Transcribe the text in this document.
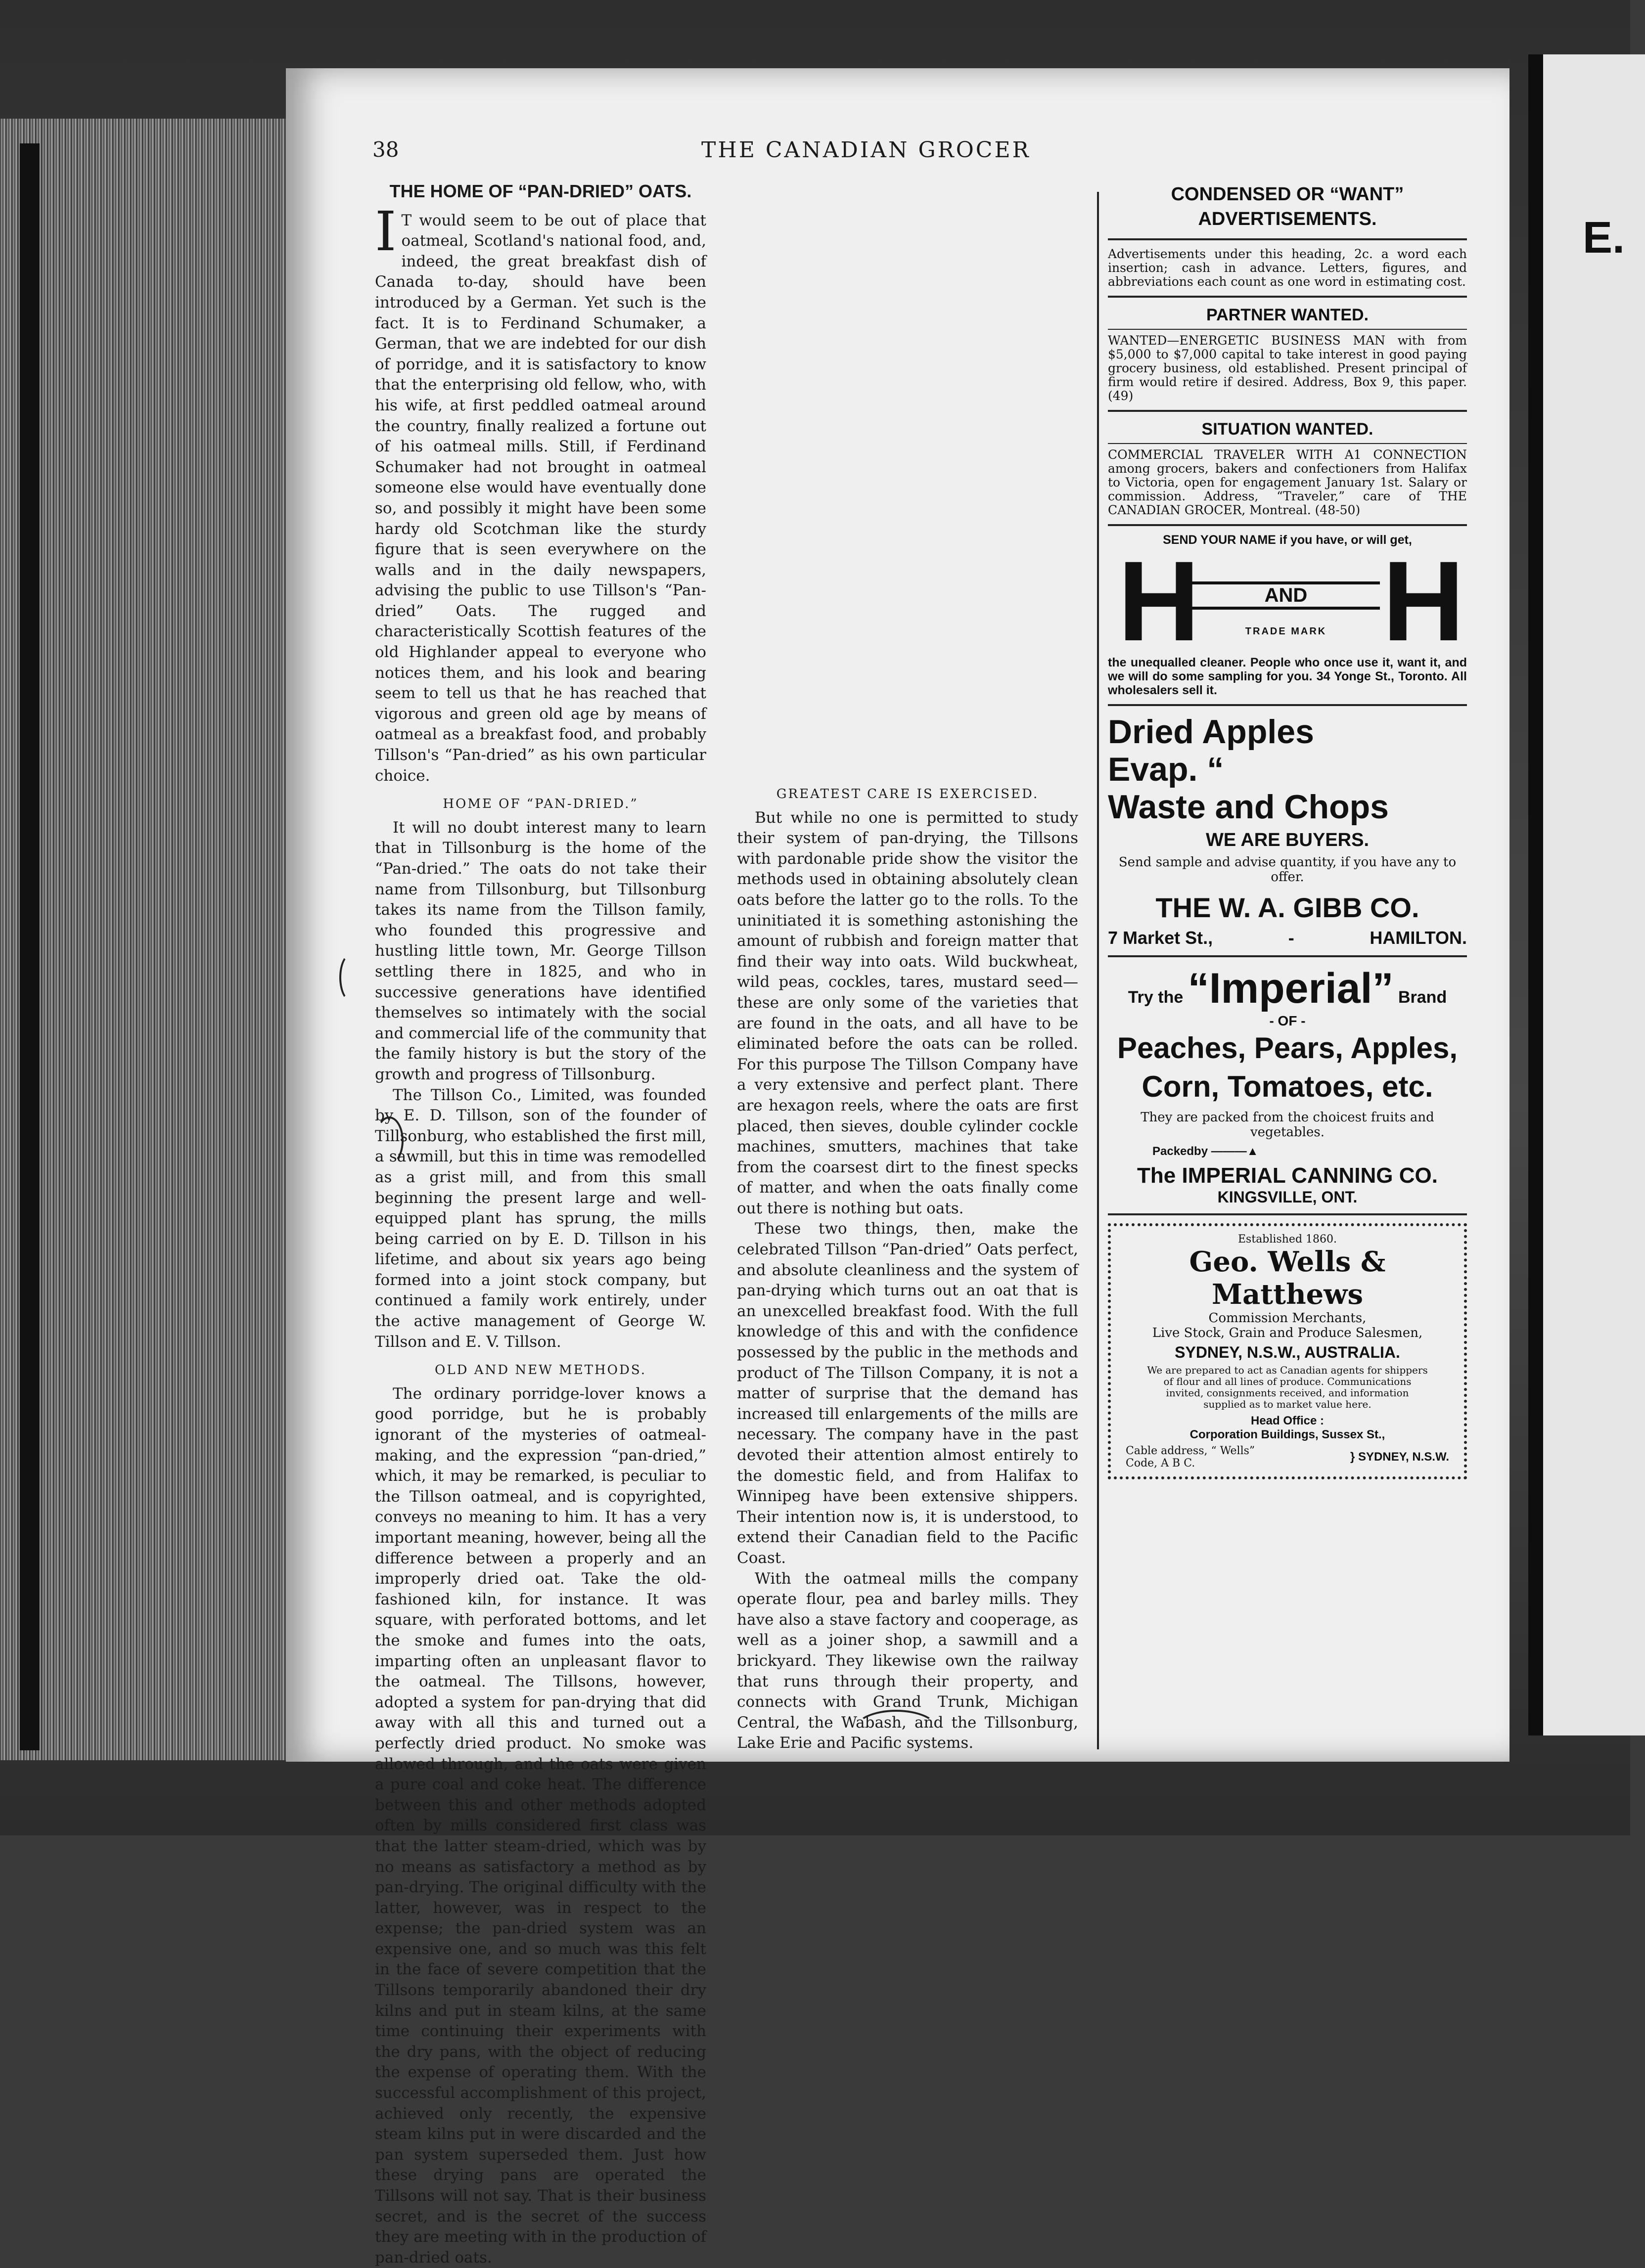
E.
38	THE CANADIAN GROCER
THE HOME OF “PAN-DRIED” OATS.

IT would seem to be out of place that oatmeal, Scotland's national food, and, indeed, the great breakfast dish of Canada to-day, should have been introduced by a German. Yet such is the fact. It is to Ferdinand Schumaker, a German, that we are indebted for our dish of porridge, and it is satisfactory to know that the enterprising old fellow, who, with his wife, at first peddled oatmeal around the country, finally realized a fortune out of his oatmeal mills. Still, if Ferdinand Schumaker had not brought in oatmeal someone else would have eventually done so, and possibly it might have been some hardy old Scotchman like the sturdy figure that is seen everywhere on the walls and in the daily newspapers, advising the public to use Tillson's “Pan-dried” Oats. The rugged and characteristically Scottish features of the old Highlander appeal to everyone who notices them, and his look and bearing seem to tell us that he has reached that vigorous and green old age by means of oatmeal as a breakfast food, and probably Tillson's “Pan-dried” as his own particular choice.

HOME OF “PAN-DRIED.”

It will no doubt interest many to learn that in Tillsonburg is the home of the “Pan-dried.” The oats do not take their name from Tillsonburg, but Tillsonburg takes its name from the Tillson family, who founded this progressive and hustling little town, Mr. George Tillson settling there in 1825, and who in successive generations have identified themselves so intimately with the social and commercial life of the community that the family history is but the story of the growth and progress of Tillsonburg.

The Tillson Co., Limited, was founded by E. D. Tillson, son of the founder of Tillsonburg, who established the first mill, a sawmill, but this in time was remodelled as a grist mill, and from this small beginning the present large and well-equipped plant has sprung, the mills being carried on by E. D. Tillson in his lifetime, and about six years ago being formed into a joint stock company, but continued a family work entirely, under the active management of George W. Tillson and E. V. Tillson.

OLD AND NEW METHODS.

The ordinary porridge-lover knows a good porridge, but he is probably ignorant of the mysteries of oatmeal-making, and the expression “pan-dried,” which, it may be remarked, is peculiar to the Tillson oatmeal, and is copyrighted, conveys no meaning to him. It has a very important meaning, however, being all the difference between a properly and an improperly dried oat. Take the old-fashioned kiln, for instance. It was square, with perforated bottoms, and let the smoke and fumes into the oats, imparting often an unpleasant flavor to the oatmeal. The Tillsons, however, adopted a system for pan-drying that did away with all this and turned out a perfectly dried product. No smoke was allowed through, and the oats were given a pure coal and coke heat. The difference between this and other methods adopted often by mills considered first class was that the latter steam-dried, which was by no means as satisfactory a method as by pan-drying. The original difficulty with the latter, however, was in respect to the expense; the pan-dried system was an expensive one, and so much was this felt in the face of severe competition that the Tillsons temporarily abandoned their dry kilns and put in steam kilns, at the same time continuing their experiments with the dry pans, with the object of reducing the expense of operating them. With the successful accomplishment of this project, achieved only recently, the expensive steam kilns put in were discarded and the pan system superseded them. Just how these drying pans are operated the Tillsons will not say. That is their business secret, and is the secret of the success they are meeting with in the production of pan-dried oats.

GREATEST CARE IS EXERCISED.

But while no one is permitted to study their system of pan-drying, the Tillsons with pardonable pride show the visitor the methods used in obtaining absolutely clean oats before the latter go to the rolls. To the uninitiated it is something astonishing the amount of rubbish and foreign matter that find their way into oats. Wild buckwheat, wild peas, cockles, tares, mustard seed—these are only some of the varieties that are found in the oats, and all have to be eliminated before the oats can be rolled. For this purpose The Tillson Company have a very extensive and perfect plant. There are hexagon reels, where the oats are first placed, then sieves, double cylinder cockle machines, smutters, machines that take from the coarsest dirt to the finest specks of matter, and when the oats finally come out there is nothing but oats.

These two things, then, make the celebrated Tillson “Pan-dried” Oats perfect, and absolute cleanliness and the system of pan-drying which turns out an oat that is an unexcelled breakfast food. With the full knowledge of this and with the confidence possessed by the public in the methods and product of The Tillson Company, it is not a matter of surprise that the demand has increased till enlargements of the mills are necessary. The company have in the past devoted their attention almost entirely to the domestic field, and from Halifax to Winnipeg have been extensive shippers. Their intention now is, it is understood, to extend their Canadian field to the Pacific Coast.

With the oatmeal mills the company operate flour, pea and barley mills. They have also a stave factory and cooperage, as well as a joiner shop, a sawmill and a brickyard. They likewise own the railway that runs through their property, and connects with Grand Trunk, Michigan Central, the Wabash, and the Tillsonburg, Lake Erie and Pacific systems.

CONDENSED OR “WANT” ADVERTISEMENTS.
Advertisements under this heading, 2c. a word each insertion; cash in advance. Letters, figures, and abbreviations each count as one word in estimating cost.
PARTNER WANTED.
WANTED—ENERGETIC BUSINESS MAN with from $5,000 to $7,000 capital to take interest in good paying grocery business, old established. Present principal of firm would retire if desired. Address, Box 9, this paper. (49)
SITUATION WANTED.
COMMERCIAL TRAVELER WITH A1 CONNECTION among grocers, bakers and confectioners from Halifax to Victoria, open for engagement January 1st. Salary or commission. Address, “Traveler,” care of THE CANADIAN GROCER, Montreal. (48-50)
SEND YOUR NAME if you have, or will get,
H	AND
TRADE MARK H
the unequalled cleaner. People who once use it, want it, and we will do some sampling for you. 34 Yonge St., Toronto. All wholesalers sell it.
Dried Apples
Evap. “
Waste and Chops
WE ARE BUYERS.
Send sample and advise quantity, if you have any to offer.
THE W. A. GIBB CO.
7 Market St.,	-	HAMILTON.
Try the “Imperial” Brand
- OF -
Peaches, Pears, Apples,
Corn, Tomatoes, etc.
They are packed from the choicest fruits and vegetables.
Packedby ―――▲
The IMPERIAL CANNING CO.
KINGSVILLE, ONT.
Established 1860.
Geo. Wells & Matthews
Commission Merchants,
Live Stock, Grain and Produce Salesmen,
SYDNEY, N.S.W., AUSTRALIA.
We are prepared to act as Canadian agents for shippers of flour and all lines of produce. Communications invited, consignments received, and information supplied as to market value here.
Head Office :
Corporation Buildings, Sussex St.,
Cable address, “ Wells”
Code, A B C.	} SYDNEY, N.S.W.
